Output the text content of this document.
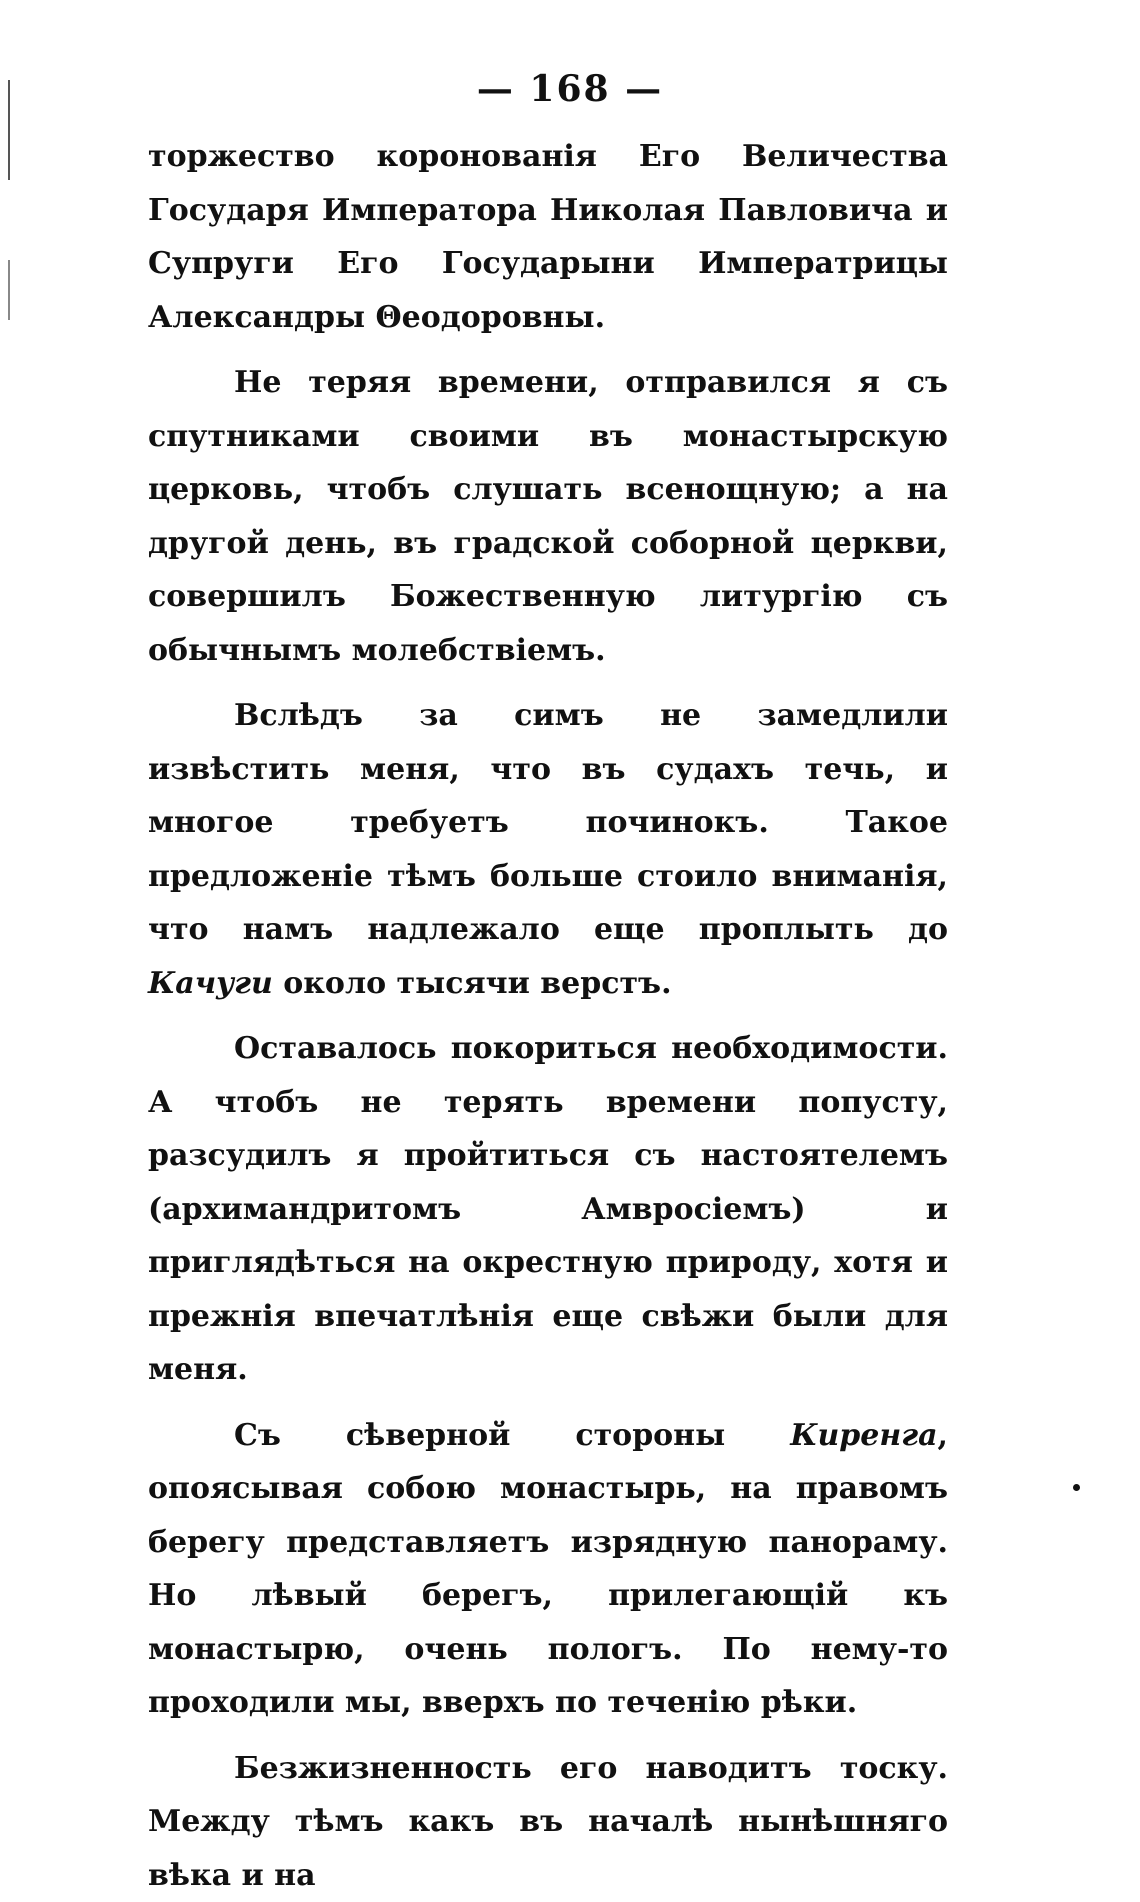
— 168 —

торжество коронованія Его Величества Государя Императора Николая Павловича и Супруги Его Государыни Императрицы Александры Θеодоровны.

Не теряя времени, отправился я съ спутниками своими въ монастырскую церковь, чтобъ слушать всенощную; а на другой день, въ градской соборной церкви, совершилъ Божественную литургію съ обычнымъ молебствіемъ.

Вслѣдъ за симъ не замедлили извѣстить меня, что въ судахъ течь, и многое требуетъ починокъ. Такое предложеніе тѣмъ больше стоило вниманія, что намъ надлежало еще проплыть до Качуги около тысячи верстъ.

Оставалось покориться необходимости. А чтобъ не терять времени попусту, разсудилъ я пройтиться съ настоятелемъ (архимандритомъ Амвросіемъ) и приглядѣться на окрестную природу, хотя и прежнія впечатлѣнія еще свѣжи были для меня.

Съ сѣверной стороны Киренга, опоясывая собою монастырь, на правомъ берегу представляетъ изрядную панораму. Но лѣвый берегъ, прилегающій къ монастырю, очень пологъ. По нему-то проходили мы, вверхъ по теченію рѣки.

Безжизненность его наводитъ тоску. Между тѣмъ какъ въ началѣ нынѣшняго вѣка и на
